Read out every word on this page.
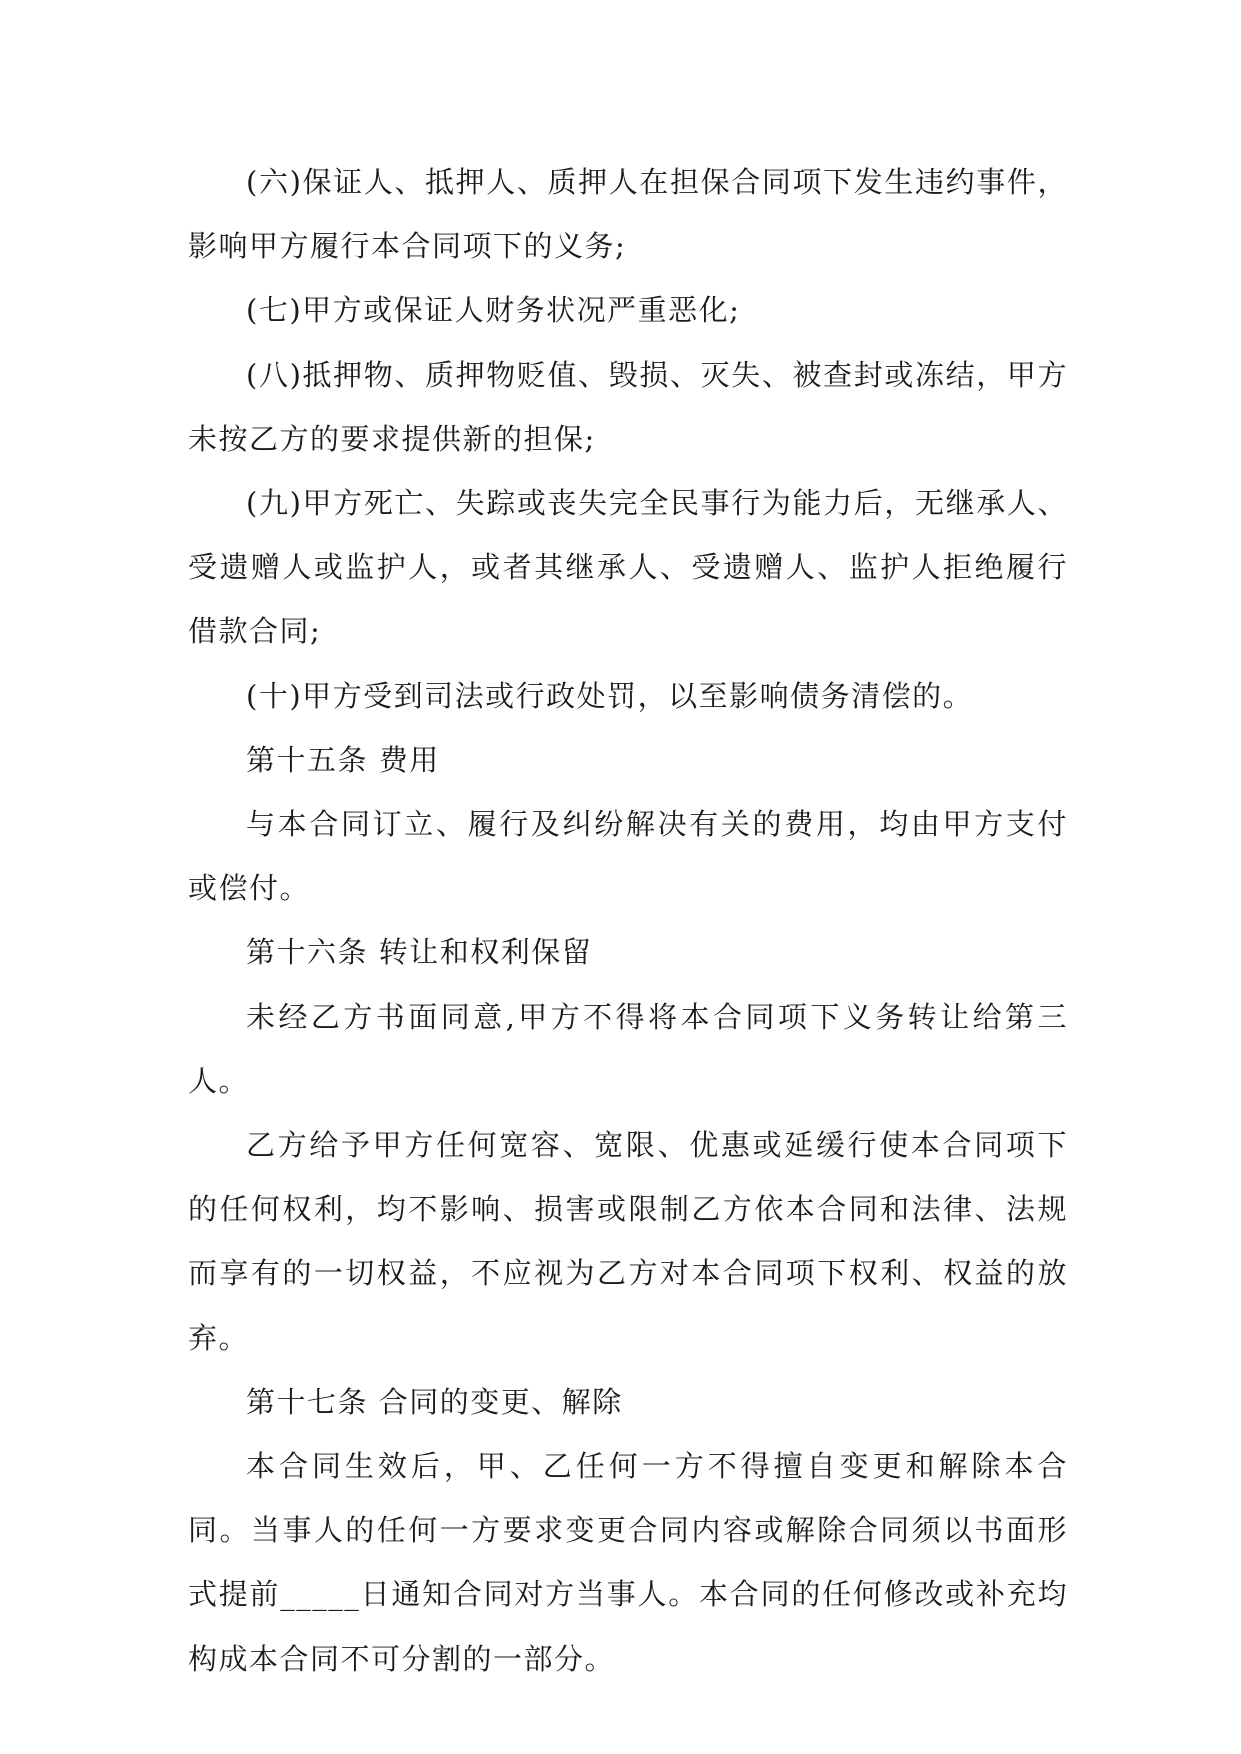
(六)保证人、抵押人、质押人在担保合同项下发生违约事件，影响甲方履行本合同项下的义务;

(七)甲方或保证人财务状况严重恶化;

(八)抵押物、质押物贬值、毁损、灭失、被查封或冻结，甲方未按乙方的要求提供新的担保;

(九)甲方死亡、失踪或丧失完全民事行为能力后，无继承人、受遗赠人或监护人，或者其继承人、受遗赠人、监护人拒绝履行借款合同;

(十)甲方受到司法或行政处罚，以至影响债务清偿的。

第十五条 费用

与本合同订立、履行及纠纷解决有关的费用，均由甲方支付或偿付。

第十六条 转让和权利保留

未经乙方书面同意,甲方不得将本合同项下义务转让给第三人。

乙方给予甲方任何宽容、宽限、优惠或延缓行使本合同项下的任何权利，均不影响、损害或限制乙方依本合同和法律、法规而享有的一切权益，不应视为乙方对本合同项下权利、权益的放弃。

第十七条 合同的变更、解除

本合同生效后，甲、乙任何一方不得擅自变更和解除本合同。当事人的任何一方要求变更合同内容或解除合同须以书面形式提前_____日通知合同对方当事人。本合同的任何修改或补充均构成本合同不可分割的一部分。
